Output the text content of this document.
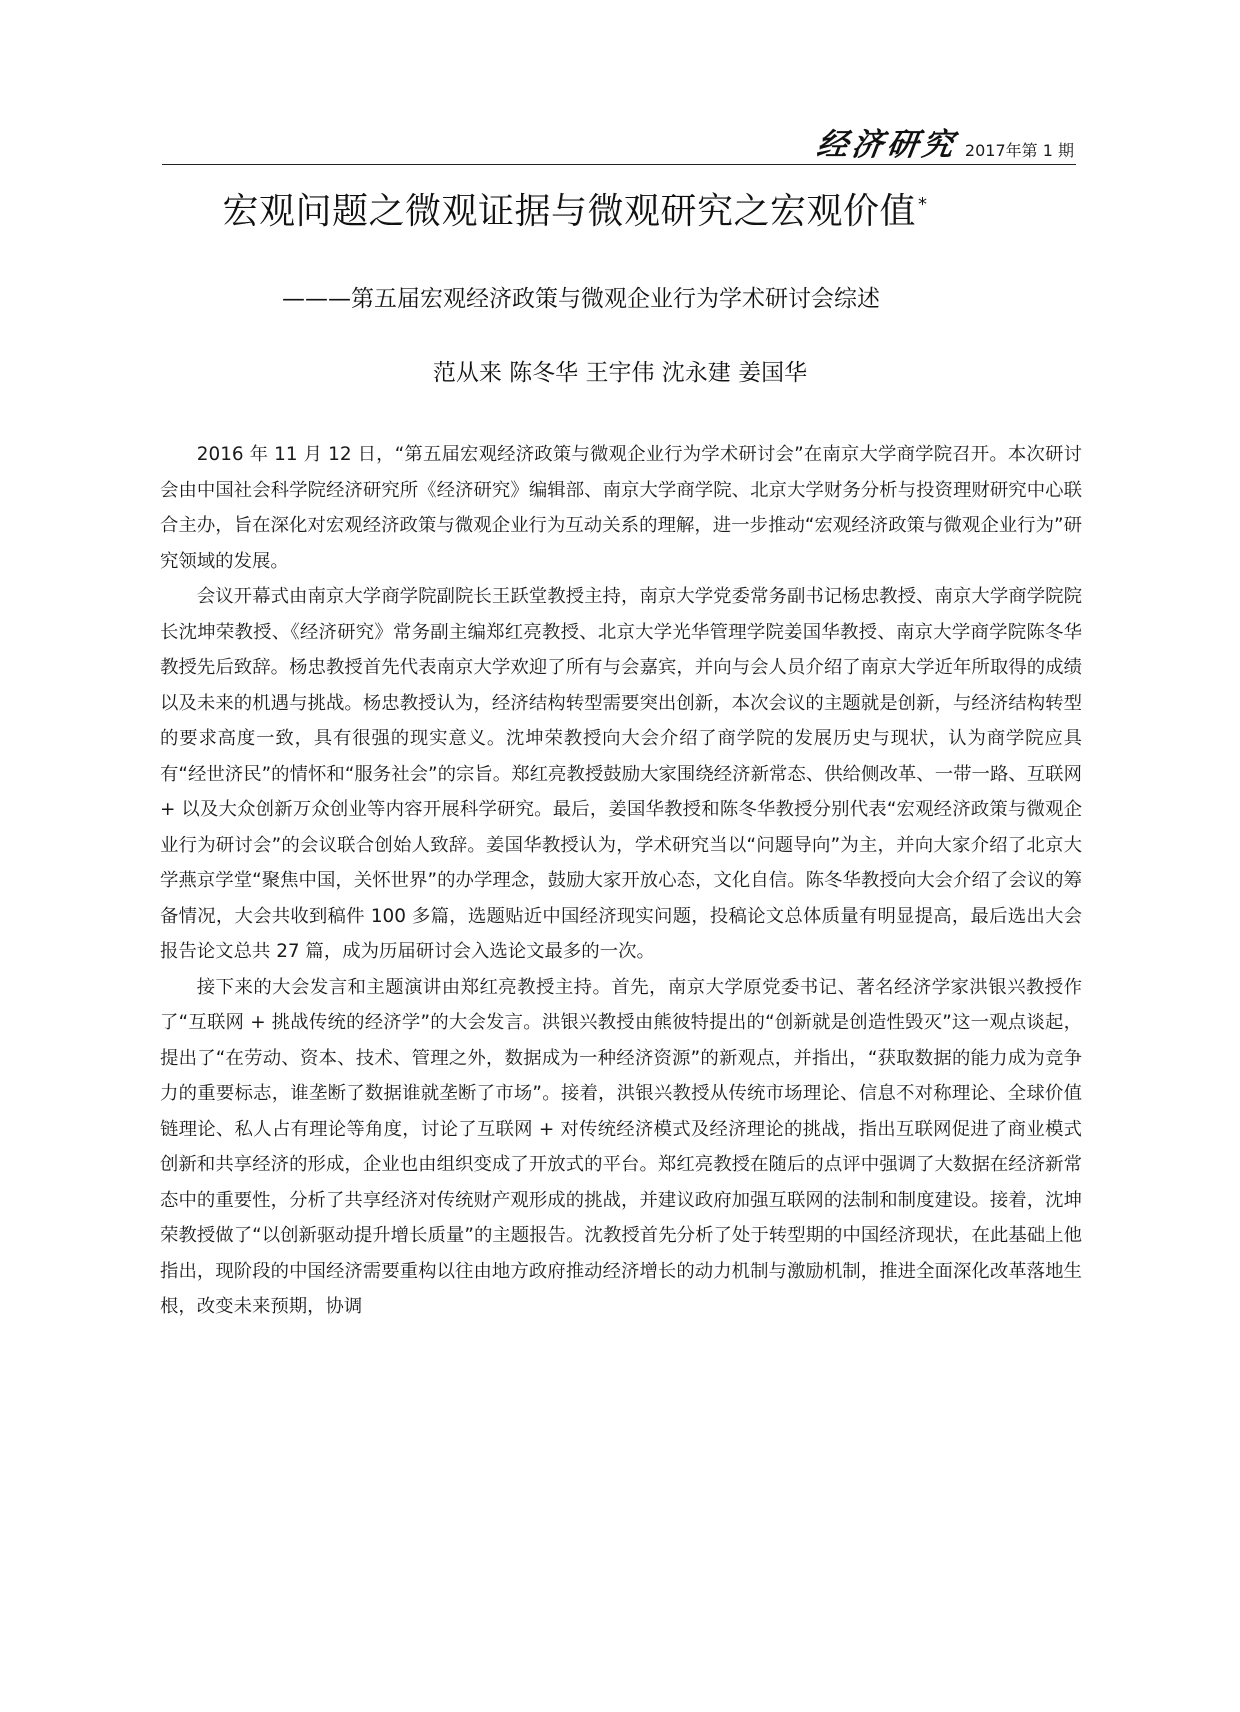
经济研究 2017年第 1 期
宏观问题之微观证据与微观研究之宏观价值 *
———第五届宏观经济政策与微观企业行为学术研讨会综述
范从来 陈冬华 王宇伟 沈永建 姜国华

2016 年 11 月 12 日，“第五届宏观经济政策与微观企业行为学术研讨会”在南京大学商学院召开。本次研讨会由中国社会科学院经济研究所《经济研究》编辑部、南京大学商学院、北京大学财务分析与投资理财研究中心联合主办，旨在深化对宏观经济政策与微观企业行为互动关系的理解，进一步推动“宏观经济政策与微观企业行为”研究领域的发展。

会议开幕式由南京大学商学院副院长王跃堂教授主持，南京大学党委常务副书记杨忠教授、南京大学商学院院长沈坤荣教授、《经济研究》常务副主编郑红亮教授、北京大学光华管理学院姜国华教授、南京大学商学院陈冬华教授先后致辞。杨忠教授首先代表南京大学欢迎了所有与会嘉宾，并向与会人员介绍了南京大学近年所取得的成绩以及未来的机遇与挑战。杨忠教授认为，经济结构转型需要突出创新，本次会议的主题就是创新，与经济结构转型的要求高度一致，具有很强的现实意义。沈坤荣教授向大会介绍了商学院的发展历史与现状，认为商学院应具有“经世济民”的情怀和“服务社会”的宗旨。郑红亮教授鼓励大家围绕经济新常态、供给侧改革、一带一路、互联网 + 以及大众创新万众创业等内容开展科学研究。最后，姜国华教授和陈冬华教授分别代表“宏观经济政策与微观企业行为研讨会”的会议联合创始人致辞。姜国华教授认为，学术研究当以“问题导向”为主，并向大家介绍了北京大学燕京学堂“聚焦中国，关怀世界”的办学理念，鼓励大家开放心态，文化自信。陈冬华教授向大会介绍了会议的筹备情况，大会共收到稿件 100 多篇，选题贴近中国经济现实问题，投稿论文总体质量有明显提高，最后选出大会报告论文总共 27 篇，成为历届研讨会入选论文最多的一次。

接下来的大会发言和主题演讲由郑红亮教授主持。首先，南京大学原党委书记、著名经济学家洪银兴教授作了“互联网 + 挑战传统的经济学”的大会发言。洪银兴教授由熊彼特提出的“创新就是创造性毁灭”这一观点谈起，提出了“在劳动、资本、技术、管理之外，数据成为一种经济资源”的新观点，并指出，“获取数据的能力成为竞争力的重要标志，谁垄断了数据谁就垄断了市场”。接着，洪银兴教授从传统市场理论、信息不对称理论、全球价值链理论、私人占有理论等角度，讨论了互联网 + 对传统经济模式及经济理论的挑战，指出互联网促进了商业模式创新和共享经济的形成，企业也由组织变成了开放式的平台。郑红亮教授在随后的点评中强调了大数据在经济新常态中的重要性，分析了共享经济对传统财产观形成的挑战，并建议政府加强互联网的法制和制度建设。接着，沈坤荣教授做了“以创新驱动提升增长质量”的主题报告。沈教授首先分析了处于转型期的中国经济现状，在此基础上他指出，现阶段的中国经济需要重构以往由地方政府推动经济增长的动力机制与激励机制，推进全面深化改革落地生根，改变未来预期，协调
